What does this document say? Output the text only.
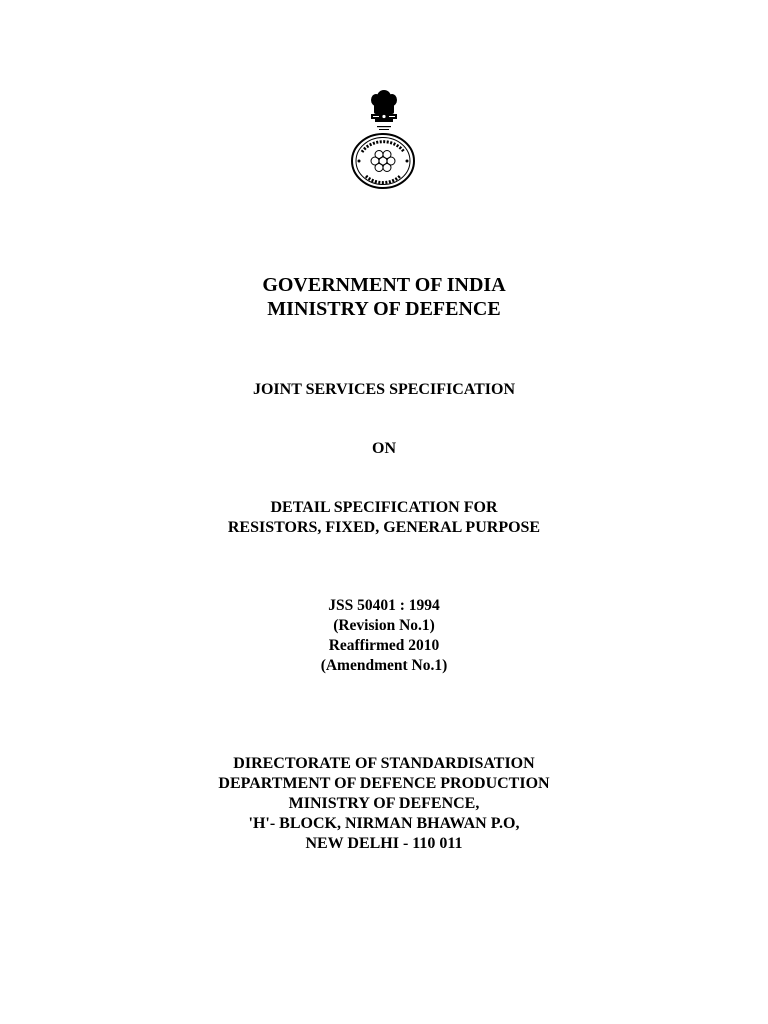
GOVERNMENT OF INDIA
MINISTRY OF DEFENCE
JOINT SERVICES SPECIFICATION
ON
DETAIL SPECIFICATION FOR
RESISTORS, FIXED, GENERAL PURPOSE
JSS 50401 : 1994
(Revision No.1)
Reaffirmed 2010
(Amendment No.1)
DIRECTORATE OF STANDARDISATION
DEPARTMENT OF DEFENCE PRODUCTION
MINISTRY OF DEFENCE,
'H'- BLOCK, NIRMAN BHAWAN P.O,
NEW DELHI - 110 011
